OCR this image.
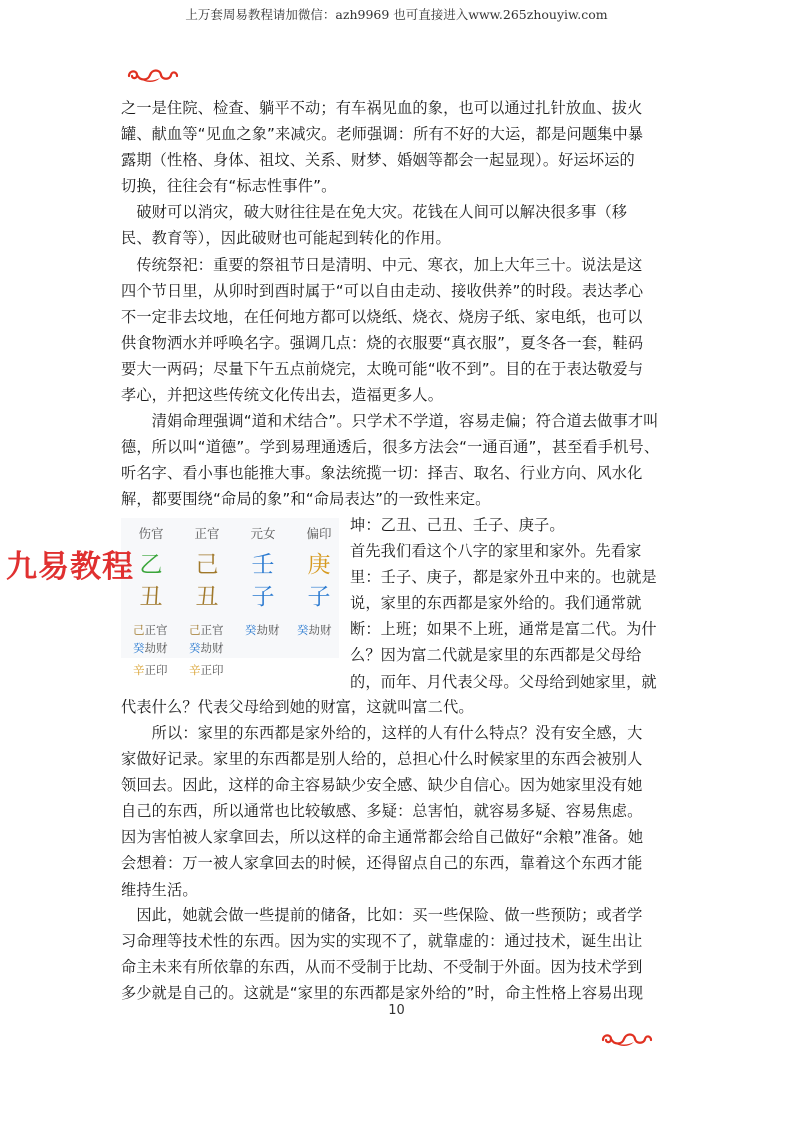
上万套周易教程请加微信：azh9969 也可直接进入www.265zhouyiw.com
之一是住院、检查、躺平不动；有车祸见血的象，也可以通过扎针放血、拔火
罐、献血等“见血之象”来减灾。老师强调：所有不好的大运，都是问题集中暴
露期（性格、身体、祖坟、关系、财梦、婚姻等都会一起显现）。好运坏运的
切换，往往会有“标志性事件”。
　破财可以消灾，破大财往往是在免大灾。花钱在人间可以解决很多事（移
民、教育等），因此破财也可能起到转化的作用。
　传统祭祀：重要的祭祖节日是清明、中元、寒衣，加上大年三十。说法是这
四个节日里，从卯时到酉时属于“可以自由走动、接收供养”的时段。表达孝心
不一定非去坟地，在任何地方都可以烧纸、烧衣、烧房子纸、家电纸，也可以
供食物洒水并呼唤名字。强调几点：烧的衣服要“真衣服”，夏冬各一套，鞋码
要大一两码；尽量下午五点前烧完，太晚可能“收不到”。目的在于表达敬爱与
孝心，并把这些传统文化传出去，造福更多人。
　　清娟命理强调“道和术结合”。只学术不学道，容易走偏；符合道去做事才叫
德，所以叫“道德”。学到易理通透后，很多方法会“一通百通”，甚至看手机号、
听名字、看小事也能推大事。象法统揽一切：择吉、取名、行业方向、风水化
解，都要围绕“命局的象”和“命局表达”的一致性来定。
伤官
乙
丑
己正官
癸劫财
正官
己
丑
己正官
癸劫财
元女
壬
子
癸劫财
偏印
庚
子
癸劫财
辛正印 辛正印
九易教程
坤：乙丑、己丑、壬子、庚子。
首先我们看这个八字的家里和家外。先看家
里：壬子、庚子，都是家外丑中来的。也就是
说，家里的东西都是家外给的。我们通常就
断：上班；如果不上班，通常是富二代。为什
么？因为富二代就是家里的东西都是父母给
的，而年、月代表父母。父母给到她家里，就
代表什么？代表父母给到她的财富，这就叫富二代。
　　所以：家里的东西都是家外给的，这样的人有什么特点？没有安全感，大
家做好记录。家里的东西都是别人给的，总担心什么时候家里的东西会被别人
领回去。因此，这样的命主容易缺少安全感、缺少自信心。因为她家里没有她
自己的东西，所以通常也比较敏感、多疑：总害怕，就容易多疑、容易焦虑。
因为害怕被人家拿回去，所以这样的命主通常都会给自己做好“余粮”准备。她
会想着：万一被人家拿回去的时候，还得留点自己的东西，靠着这个东西才能
维持生活。
　因此，她就会做一些提前的储备，比如：买一些保险、做一些预防；或者学
习命理等技术性的东西。因为实的实现不了，就靠虚的：通过技术，诞生出让
命主未来有所依靠的东西，从而不受制于比劫、不受制于外面。因为技术学到
多少就是自己的。这就是“家里的东西都是家外给的”时，命主性格上容易出现
10
